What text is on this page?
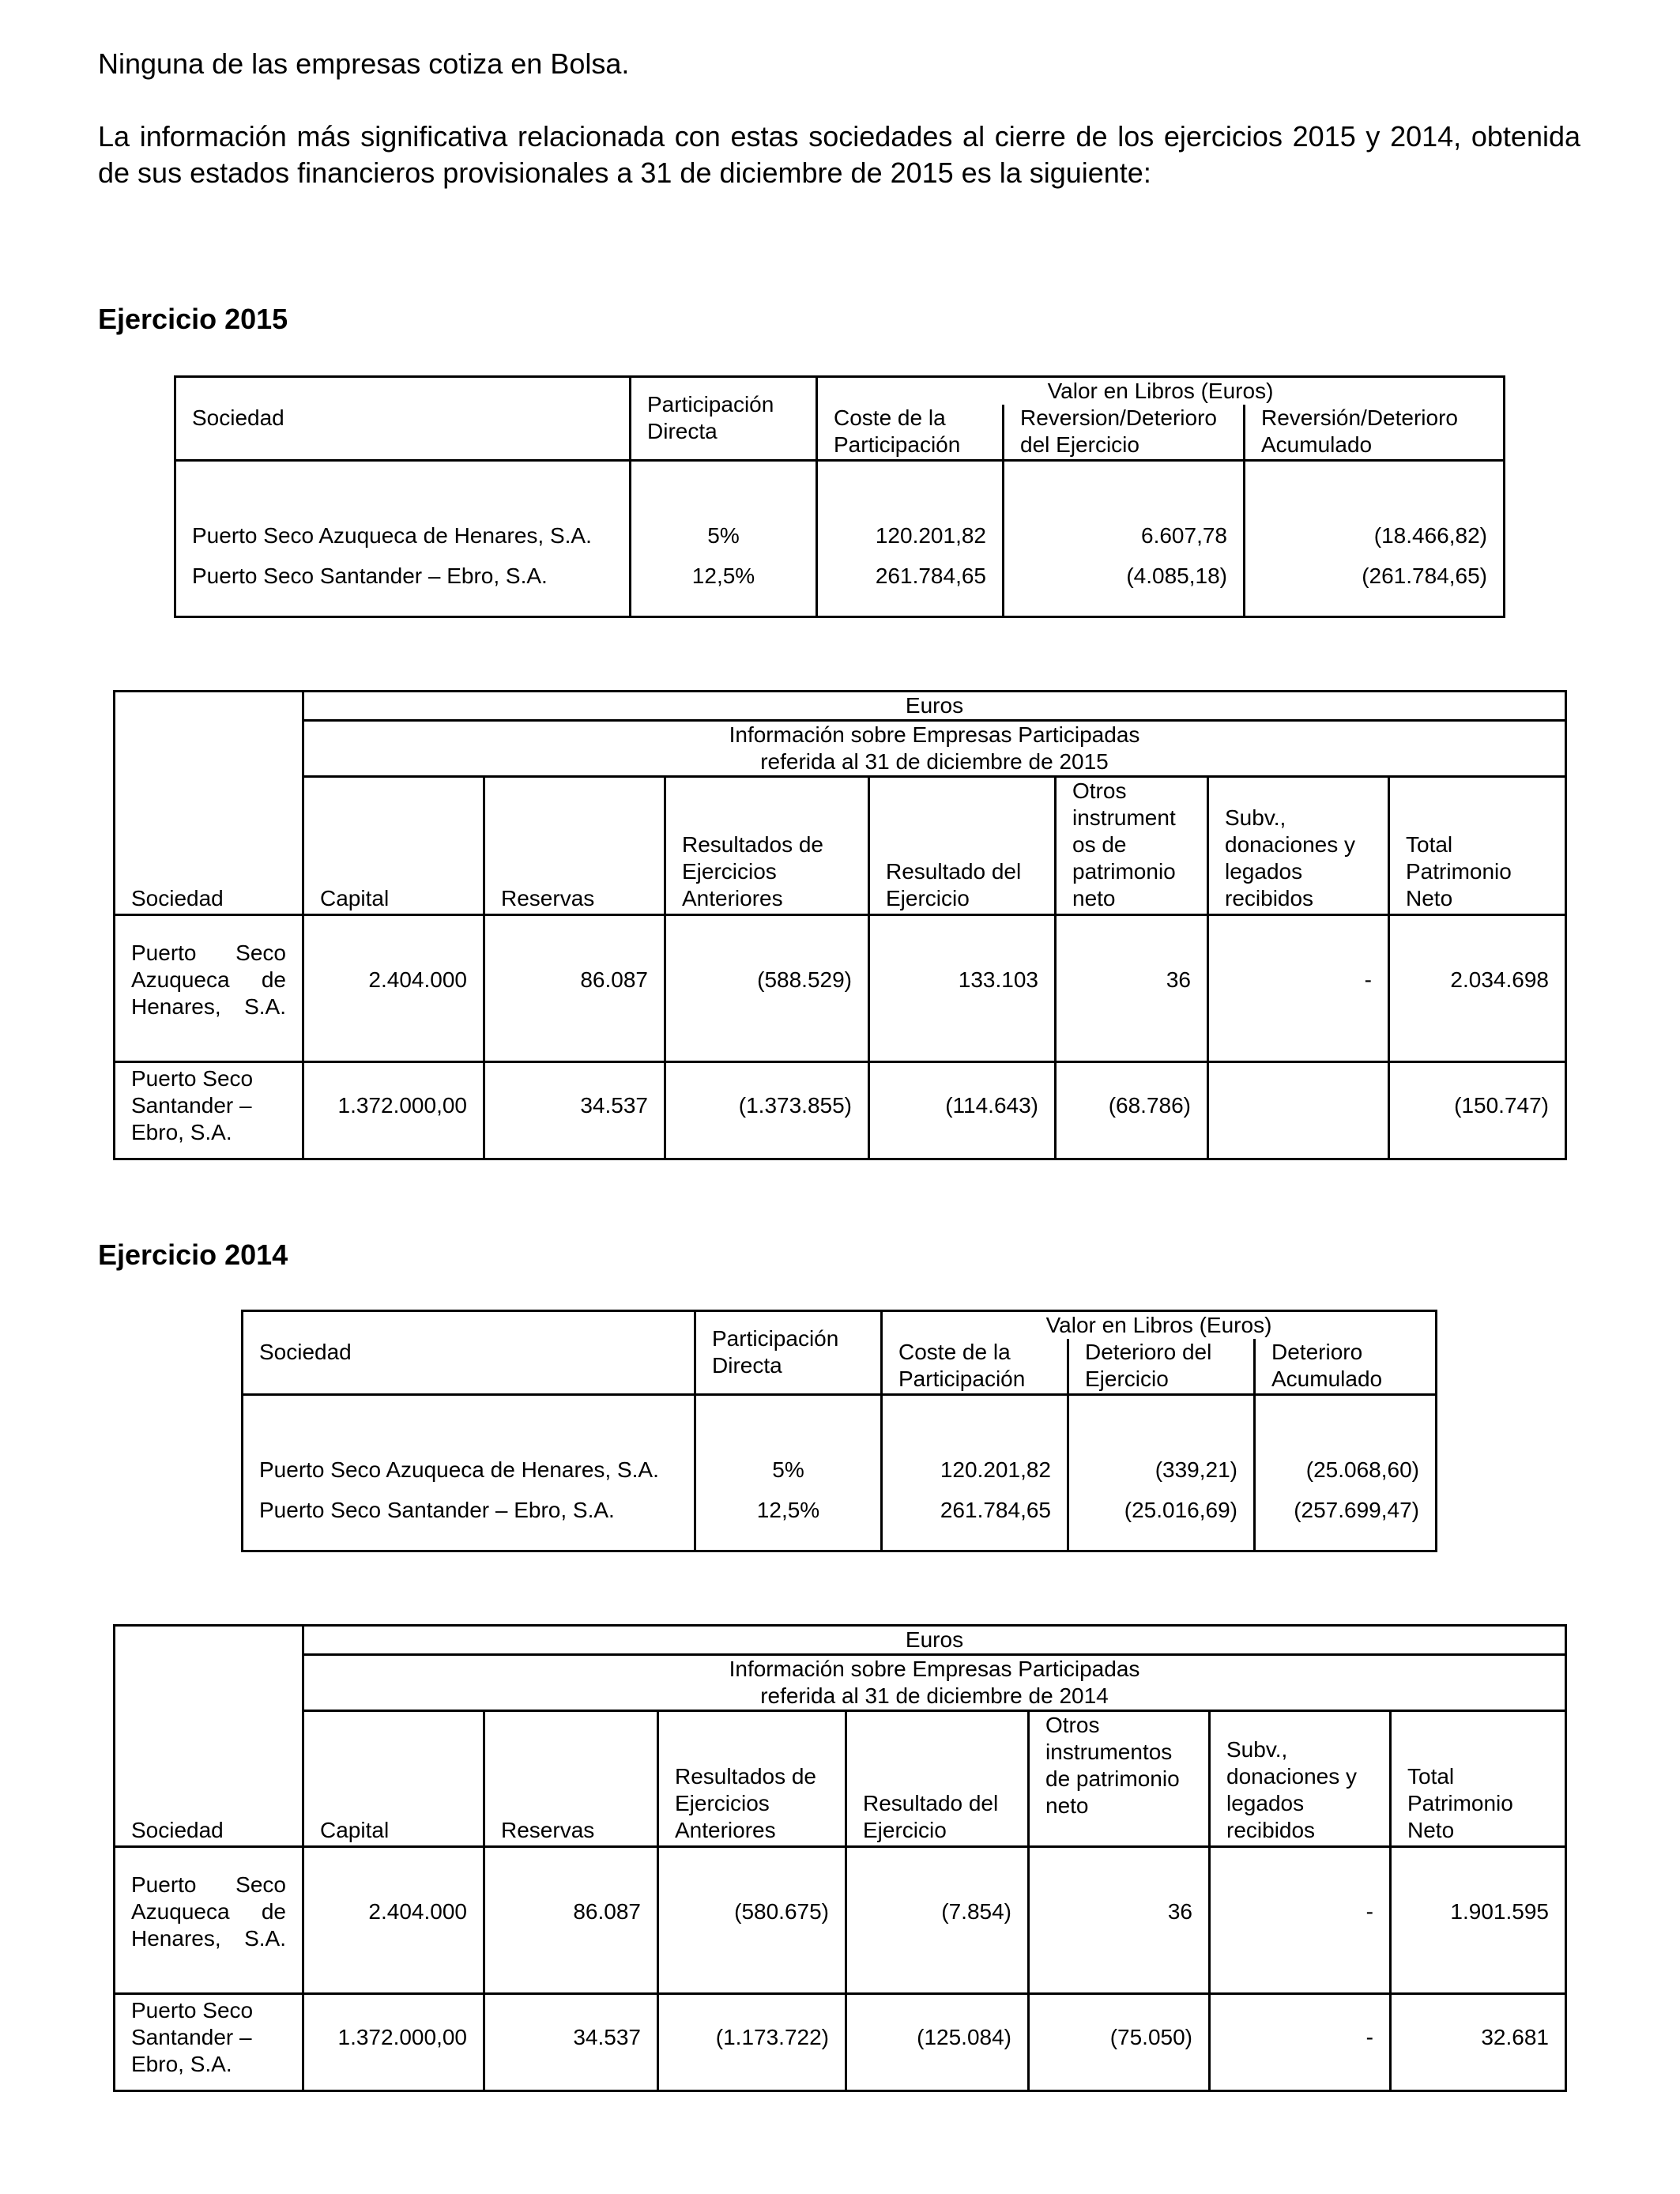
Ninguna de las empresas cotiza en Bolsa.

La información más significativa relacionada con estas sociedades al cierre de los ejercicios 2015 y 2014, obtenida de sus estados financieros provisionales a 31 de diciembre de 2015 es la siguiente:

Ejercicio 2015

Sociedad	Participación Directa	Valor en Libros (Euros)		
		Coste de la Participación	Reversion/Deterioro del Ejercicio	Reversión/Deterioro Acumulado

Puerto Seco Azuqueca de Henares, S.A.	5%	120.201,82	6.607,78	(18.466,82)
Puerto Seco Santander – Ebro, S.A.	12,5%	261.784,65	(4.085,18)	(261.784,65)
Sociedad	Euros						

	Información sobre Empresas Participadas
referida al 31 de diciembre de 2015						

	Capital	Reservas	Resultados de Ejercicios Anteriores	Resultado del Ejercicio	Otros instrument os de patrimonio neto	Subv., donaciones y legados recibidos	Total Patrimonio Neto
Puerto Seco Azuqueca de Henares, S.A.	2.404.000	86.087	(588.529)	133.103	36	-	2.034.698
Puerto Seco Santander – Ebro, S.A.	1.372.000,00	34.537	(1.373.855)	(114.643)	(68.786)		(150.747)

Ejercicio 2014

Sociedad	Participación Directa	Valor en Libros (Euros)		
		Coste de la Participación	Deterioro del Ejercicio	Deterioro Acumulado

Puerto Seco Azuqueca de Henares, S.A.	5%	120.201,82	(339,21)	(25.068,60)
Puerto Seco Santander – Ebro, S.A.	12,5%	261.784,65	(25.016,69)	(257.699,47)
Sociedad	Euros						

	Información sobre Empresas Participadas
referida al 31 de diciembre de 2014						

	Capital	Reservas	Resultados de Ejercicios Anteriores	Resultado del Ejercicio	Otros instrumentos de patrimonio neto	Subv., donaciones y legados recibidos	Total Patrimonio Neto
Puerto Seco Azuqueca de Henares, S.A.	2.404.000	86.087	(580.675)	(7.854)	36	-	1.901.595
Puerto Seco Santander – Ebro, S.A.	1.372.000,00	34.537	(1.173.722)	(125.084)	(75.050)	-	32.681
